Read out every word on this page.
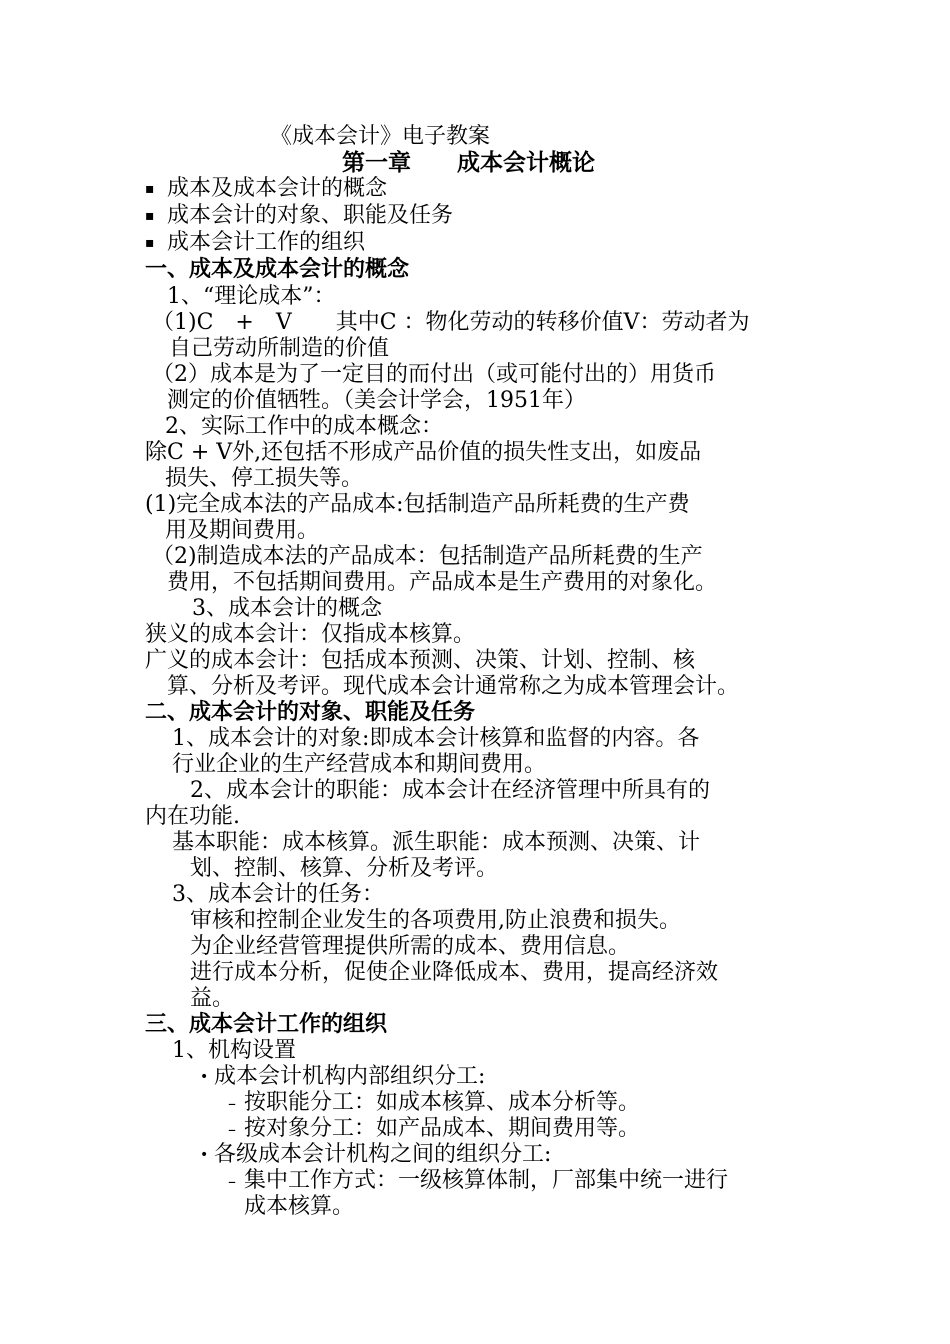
《成本会计》电子教案
第一章　　成本会计概论
▪ 成本及成本会计的概念
▪ 成本会计的对象、职能及任务
▪ 成本会计工作的组织
一、成本及成本会计的概念
1、“理论成本”：
（1)C　+　V　　其中C ：物化劳动的转移价值V：劳动者为
自己劳动所制造的价值
（2）成本是为了一定目的而付出（或可能付出的）用货币
测定的价值牺牲。（美会计学会，1951年）
2、实际工作中的成本概念：
除C + V外,还包括不形成产品价值的损失性支出，如废品
损失、停工损失等。
(1)完全成本法的产品成本:包括制造产品所耗费的生产费
用及期间费用。
（2)制造成本法的产品成本：包括制造产品所耗费的生产
费用，不包括期间费用。产品成本是生产费用的对象化。
3、成本会计的概念
狭义的成本会计：仅指成本核算。
广义的成本会计：包括成本预测、决策、计划、控制、核
算、分析及考评。现代成本会计通常称之为成本管理会计。
二、成本会计的对象、职能及任务
1、成本会计的对象:即成本会计核算和监督的内容。各
行业企业的生产经营成本和期间费用。
2、成本会计的职能：成本会计在经济管理中所具有的
内在功能.
基本职能：成本核算。派生职能：成本预测、决策、计
划、控制、核算、分析及考评。
3、成本会计的任务：
审核和控制企业发生的各项费用,防止浪费和损失。
为企业经营管理提供所需的成本、费用信息。
进行成本分析，促使企业降低成本、费用，提高经济效
益。
三、成本会计工作的组织
1、机构设置
• 成本会计机构内部组织分工:
– 按职能分工：如成本核算、成本分析等。
– 按对象分工：如产品成本、期间费用等。
• 各级成本会计机构之间的组织分工:
– 集中工作方式：一级核算体制，厂部集中统一进行
成本核算。
